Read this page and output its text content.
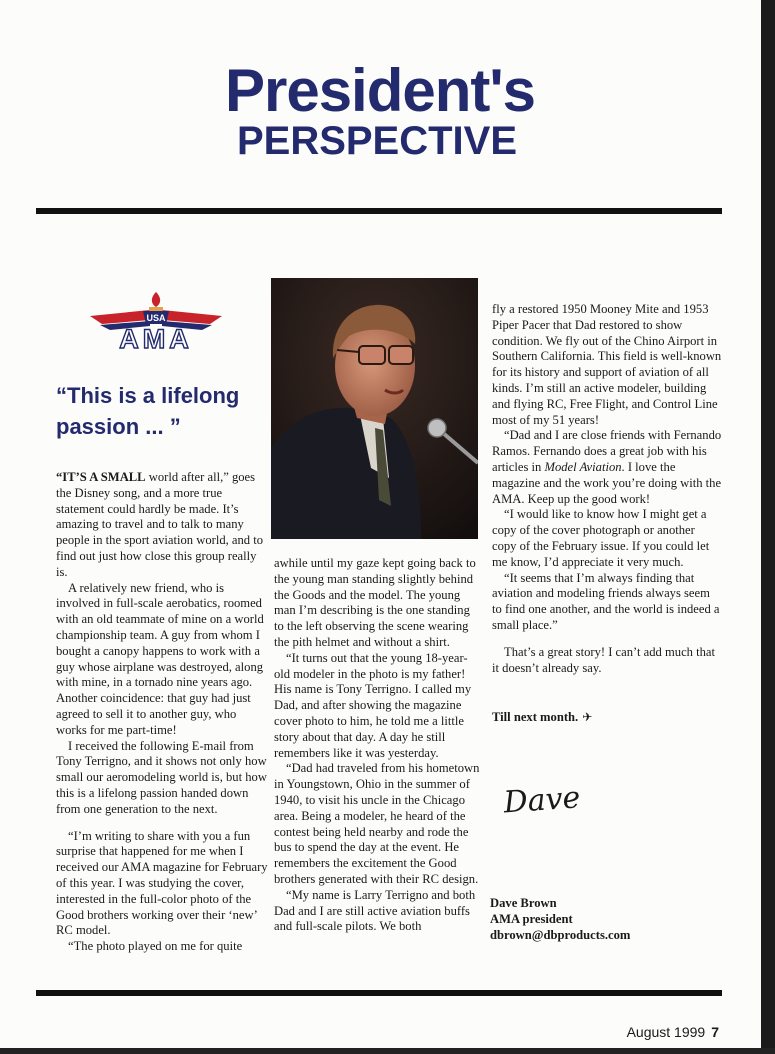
President's
PERSPECTIVE
USA
AMA
“This is a lifelong passion ... ”

“IT’S A SMALL world after all,” goes the Disney song, and a more true statement could hardly be made. It’s amazing to travel and to talk to many people in the sport aviation world, and to find out just how close this group really is.

A relatively new friend, who is involved in full-scale aerobatics, roomed with an old teammate of mine on a world championship team. A guy from whom I bought a canopy happens to work with a guy whose airplane was destroyed, along with mine, in a tornado nine years ago. Another coincidence: that guy had just agreed to sell it to another guy, who works for me part-time!

I received the following E-mail from Tony Terrigno, and it shows not only how small our aeromodeling world is, but how this is a lifelong passion handed down from one generation to the next.

“I’m writing to share with you a fun surprise that happened for me when I received our AMA magazine for February of this year. I was studying the cover, interested in the full-color photo of the Good brothers working over their ‘new’ RC model.

“The photo played on me for quite

awhile until my gaze kept going back to the young man standing slightly behind the Goods and the model. The young man I’m describing is the one standing to the left observing the scene wearing the pith helmet and without a shirt.

“It turns out that the young 18-year-old modeler in the photo is my father! His name is Tony Terrigno. I called my Dad, and after showing the magazine cover photo to him, he told me a little story about that day. A day he still remembers like it was yesterday.

“Dad had traveled from his hometown in Youngstown, Ohio in the summer of 1940, to visit his uncle in the Chicago area. Being a modeler, he heard of the contest being held nearby and rode the bus to spend the day at the event. He remembers the excitement the Good brothers generated with their RC design.

“My name is Larry Terrigno and both Dad and I are still active aviation buffs and full-scale pilots. We both

fly a restored 1950 Mooney Mite and 1953 Piper Pacer that Dad restored to show condition. We fly out of the Chino Airport in Southern California. This field is well-known for its history and support of aviation of all kinds. I’m still an active modeler, building and flying RC, Free Flight, and Control Line most of my 51 years!

“Dad and I are close friends with Fernando Ramos. Fernando does a great job with his articles in Model Aviation. I love the magazine and the work you’re doing with the AMA. Keep up the good work!

“I would like to know how I might get a copy of the cover photograph or another copy of the February issue. If you could let me know, I’d appreciate it very much.

“It seems that I’m always finding that aviation and modeling friends always seem to find one another, and the world is indeed a small place.”

That’s a great story! I can’t add much that it doesn’t already say.

Till next month. ✈
Dave
Dave Brown
AMA president
dbrown@dbproducts.com
August 1999 7
